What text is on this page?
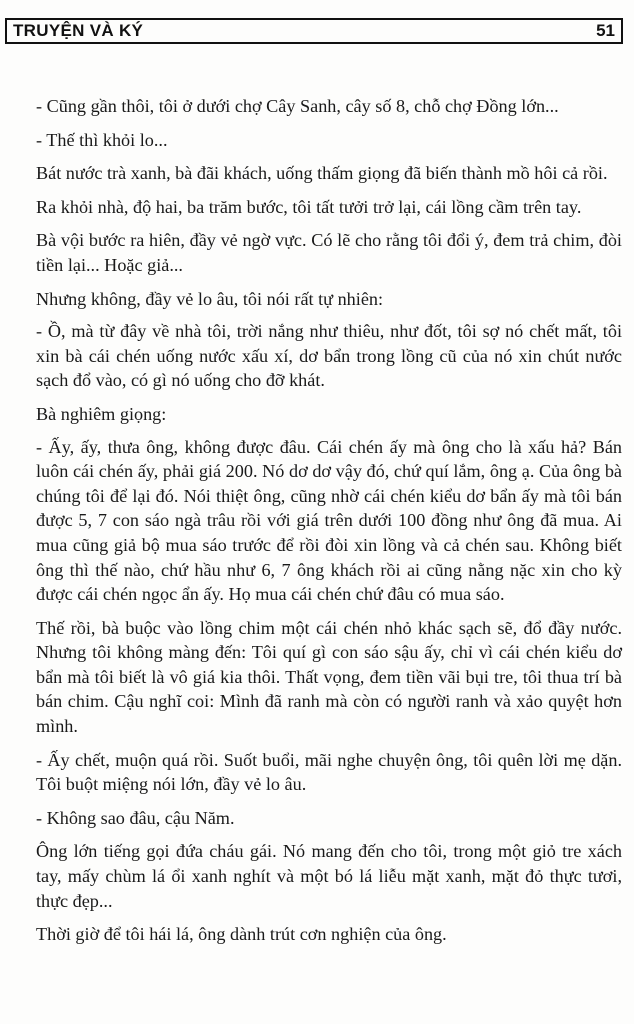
TRUYỆN VÀ KÝ	51

- Cũng gần thôi, tôi ở dưới chợ Cây Sanh, cây số 8, chỗ chợ Đồng lớn...

- Thế thì khỏi lo...

Bát nước trà xanh, bà đãi khách, uống thấm giọng đã biến thành mồ hôi cả rồi.

Ra khỏi nhà, độ hai, ba trăm bước, tôi tất tưởi trở lại, cái lồng cầm trên tay.

Bà vội bước ra hiên, đầy vẻ ngờ vực. Có lẽ cho rằng tôi đổi ý, đem trả chim, đòi tiền lại... Hoặc giả...

Nhưng không, đầy vẻ lo âu, tôi nói rất tự nhiên:

- Ồ, mà từ đây về nhà tôi, trời nắng như thiêu, như đốt, tôi sợ nó chết mất, tôi xin bà cái chén uống nước xấu xí, dơ bẩn trong lồng cũ của nó xin chút nước sạch đổ vào, có gì nó uống cho đỡ khát.

Bà nghiêm giọng:

- Ấy, ấy, thưa ông, không được đâu. Cái chén ấy mà ông cho là xấu hả? Bán luôn cái chén ấy, phải giá 200. Nó dơ dơ vậy đó, chứ quí lắm, ông ạ. Của ông bà chúng tôi để lại đó. Nói thiệt ông, cũng nhờ cái chén kiểu dơ bẩn ấy mà tôi bán được 5, 7 con sáo ngà trâu rồi với giá trên dưới 100 đồng như ông đã mua. Ai mua cũng giả bộ mua sáo trước để rồi đòi xin lồng và cả chén sau. Không biết ông thì thế nào, chứ hầu như 6, 7 ông khách rồi ai cũng nằng nặc xin cho kỳ được cái chén ngọc ẩn ấy. Họ mua cái chén chứ đâu có mua sáo.

Thế rồi, bà buộc vào lồng chim một cái chén nhỏ khác sạch sẽ, đổ đầy nước. Nhưng tôi không màng đến: Tôi quí gì con sáo sậu ấy, chỉ vì cái chén kiểu dơ bẩn mà tôi biết là vô giá kia thôi. Thất vọng, đem tiền vãi bụi tre, tôi thua trí bà bán chim. Cậu nghĩ coi: Mình đã ranh mà còn có người ranh và xảo quyệt hơn mình.

- Ấy chết, muộn quá rồi. Suốt buổi, mãi nghe chuyện ông, tôi quên lời mẹ dặn. Tôi buột miệng nói lớn, đầy vẻ lo âu.

- Không sao đâu, cậu Năm.

Ông lớn tiếng gọi đứa cháu gái. Nó mang đến cho tôi, trong một giỏ tre xách tay, mấy chùm lá ổi xanh nghít và một bó lá liễu mặt xanh, mặt đỏ thực tươi, thực đẹp...

Thời giờ để tôi hái lá, ông dành trút cơn nghiện của ông.
